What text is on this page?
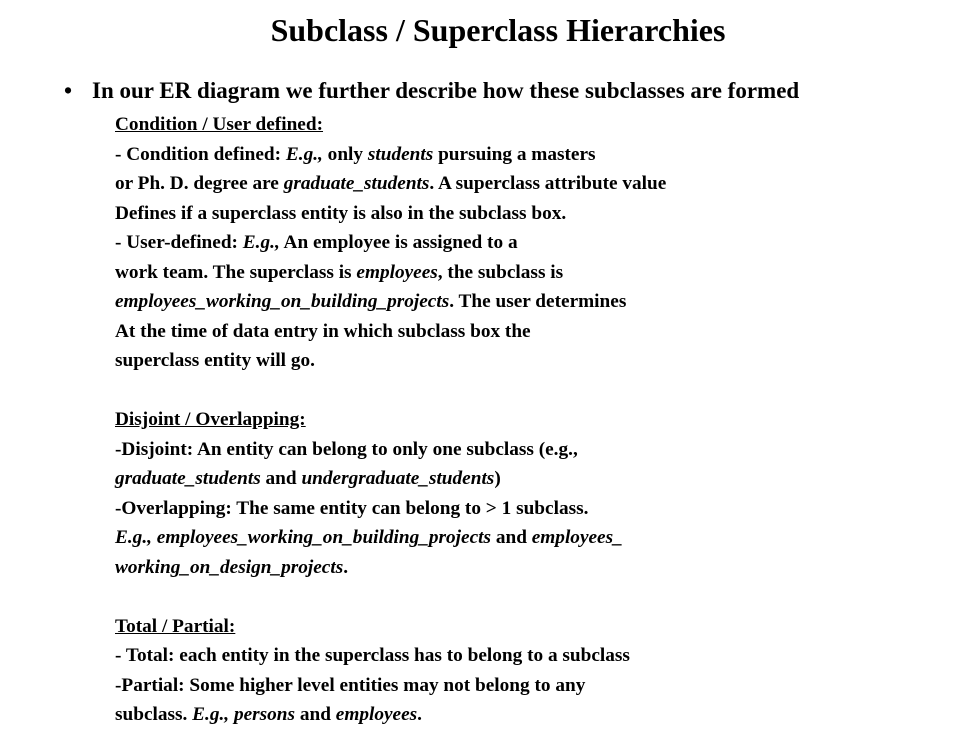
Subclass / Superclass Hierarchies
• In our ER diagram we further describe how these subclasses are formed
Condition / User defined:
- Condition defined: E.g., only students pursuing a masters
or Ph. D. degree are graduate_students. A superclass attribute value
Defines if a superclass entity is also in the subclass box.
- User-defined: E.g., An employee is assigned to a
work team. The superclass is employees, the subclass is
employees_working_on_building_projects. The user determines
At the time of data entry in which subclass box the
superclass entity will go.
Disjoint / Overlapping:
-Disjoint: An entity can belong to only one subclass (e.g.,
graduate_students and undergraduate_students)
-Overlapping: The same entity can belong to > 1 subclass.
E.g., employees_working_on_building_projects and employees_
working_on_design_projects.
Total / Partial:
- Total: each entity in the superclass has to belong to a subclass
-Partial: Some higher level entities may not belong to any
subclass. E.g., persons and employees.
